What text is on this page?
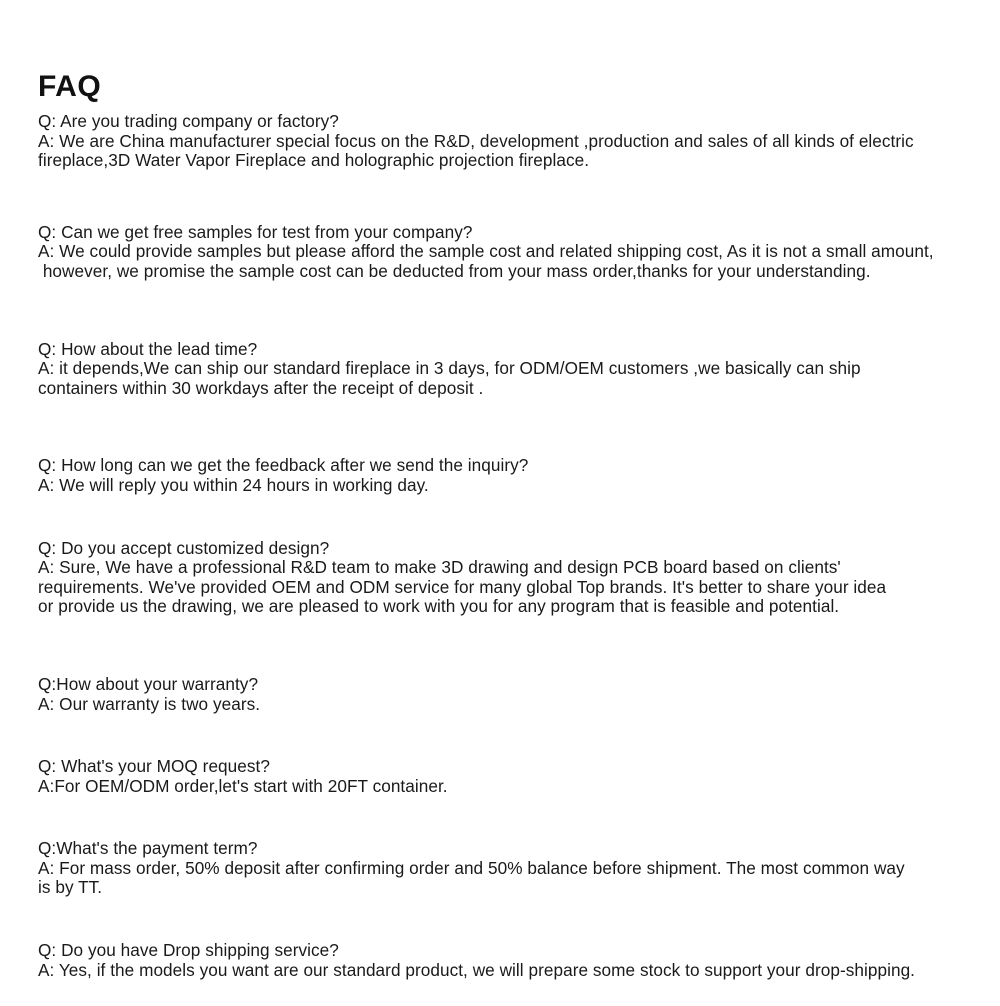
FAQ
Q: Are you trading company or factory?
A: We are China manufacturer special focus on the R&D, development ,production and sales of all kinds of electric
fireplace,3D Water Vapor Fireplace and holographic projection fireplace.
Q: Can we get free samples for test from your company?
A: We could provide samples but please afford the sample cost and related shipping cost, As it is not a small amount,
however, we promise the sample cost can be deducted from your mass order,thanks for your understanding.
Q: How about the lead time?
A: it depends,We can ship our standard fireplace in 3 days, for ODM/OEM customers ,we basically can ship
containers within 30 workdays after the receipt of deposit .
Q: How long can we get the feedback after we send the inquiry?
A: We will reply you within 24 hours in working day.
Q: Do you accept customized design?
A: Sure, We have a professional R&D team to make 3D drawing and design PCB board based on clients'
requirements. We've provided OEM and ODM service for many global Top brands. It's better to share your idea
or provide us the drawing, we are pleased to work with you for any program that is feasible and potential.
Q:How about your warranty?
A: Our warranty is two years.
Q: What's your MOQ request?
A:For OEM/ODM order,let's start with 20FT container.
Q:What's the payment term?
A: For mass order, 50% deposit after confirming order and 50% balance before shipment. The most common way
is by TT.
Q: Do you have Drop shipping service?
A: Yes, if the models you want are our standard product, we will prepare some stock to support your drop-shipping.
